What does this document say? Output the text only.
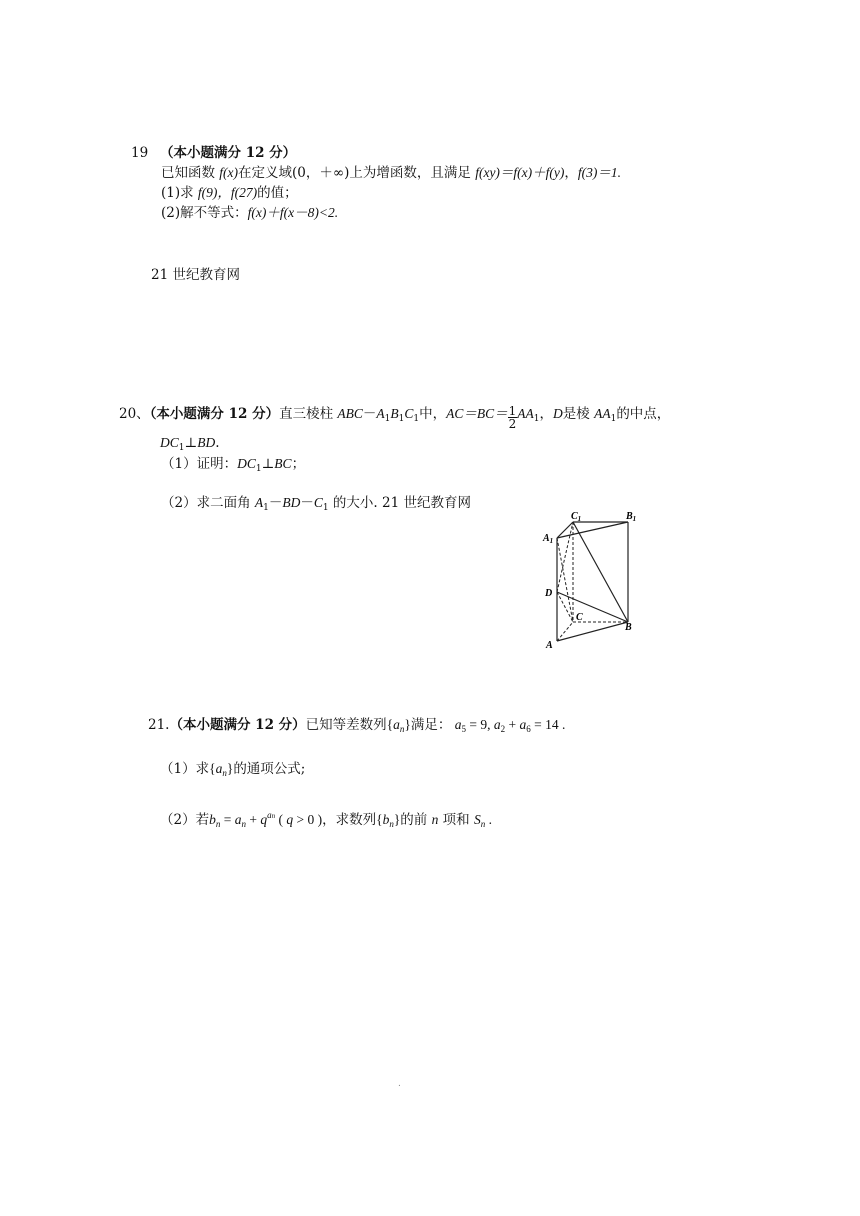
19 （本小题满分 12 分）
已知函数 f(x)在定义域(0，＋∞)上为增函数，且满足 f(xy)＝f(x)＋f(y)，f(3)＝1.
(1)求 f(9)，f(27)的值；
(2)解不等式：f(x)＋f(x－8)<2.
21 世纪教育网
20、（本小题满分 12 分）直三棱柱 $ABC-A_1B_1C_1$中，$AC=BC= \frac{1}{2} AA_1$，D是棱 $AA_1$的中点，
$DC_1\perp BD$.
（1）证明：$DC_1\perp BC$；
（2）求二面角 $A_1-BD-C_1$ 的大小. 21 世纪教育网
$C_1$	$B_1$
$A_1$
D
C
B
A
21.（本小题满分 12 分）已知等差数列$\{a_n\}$满足： $a_5 = 9$, $a_2 + a_6 = 14$ .
（1）求$\{a_n\}$的通项公式;
（2）若$b_n = a_n + q^{an}$ ( q > 0 )，求数列$\{b_n\}$的前 n 项和 $S_n$ .
.
